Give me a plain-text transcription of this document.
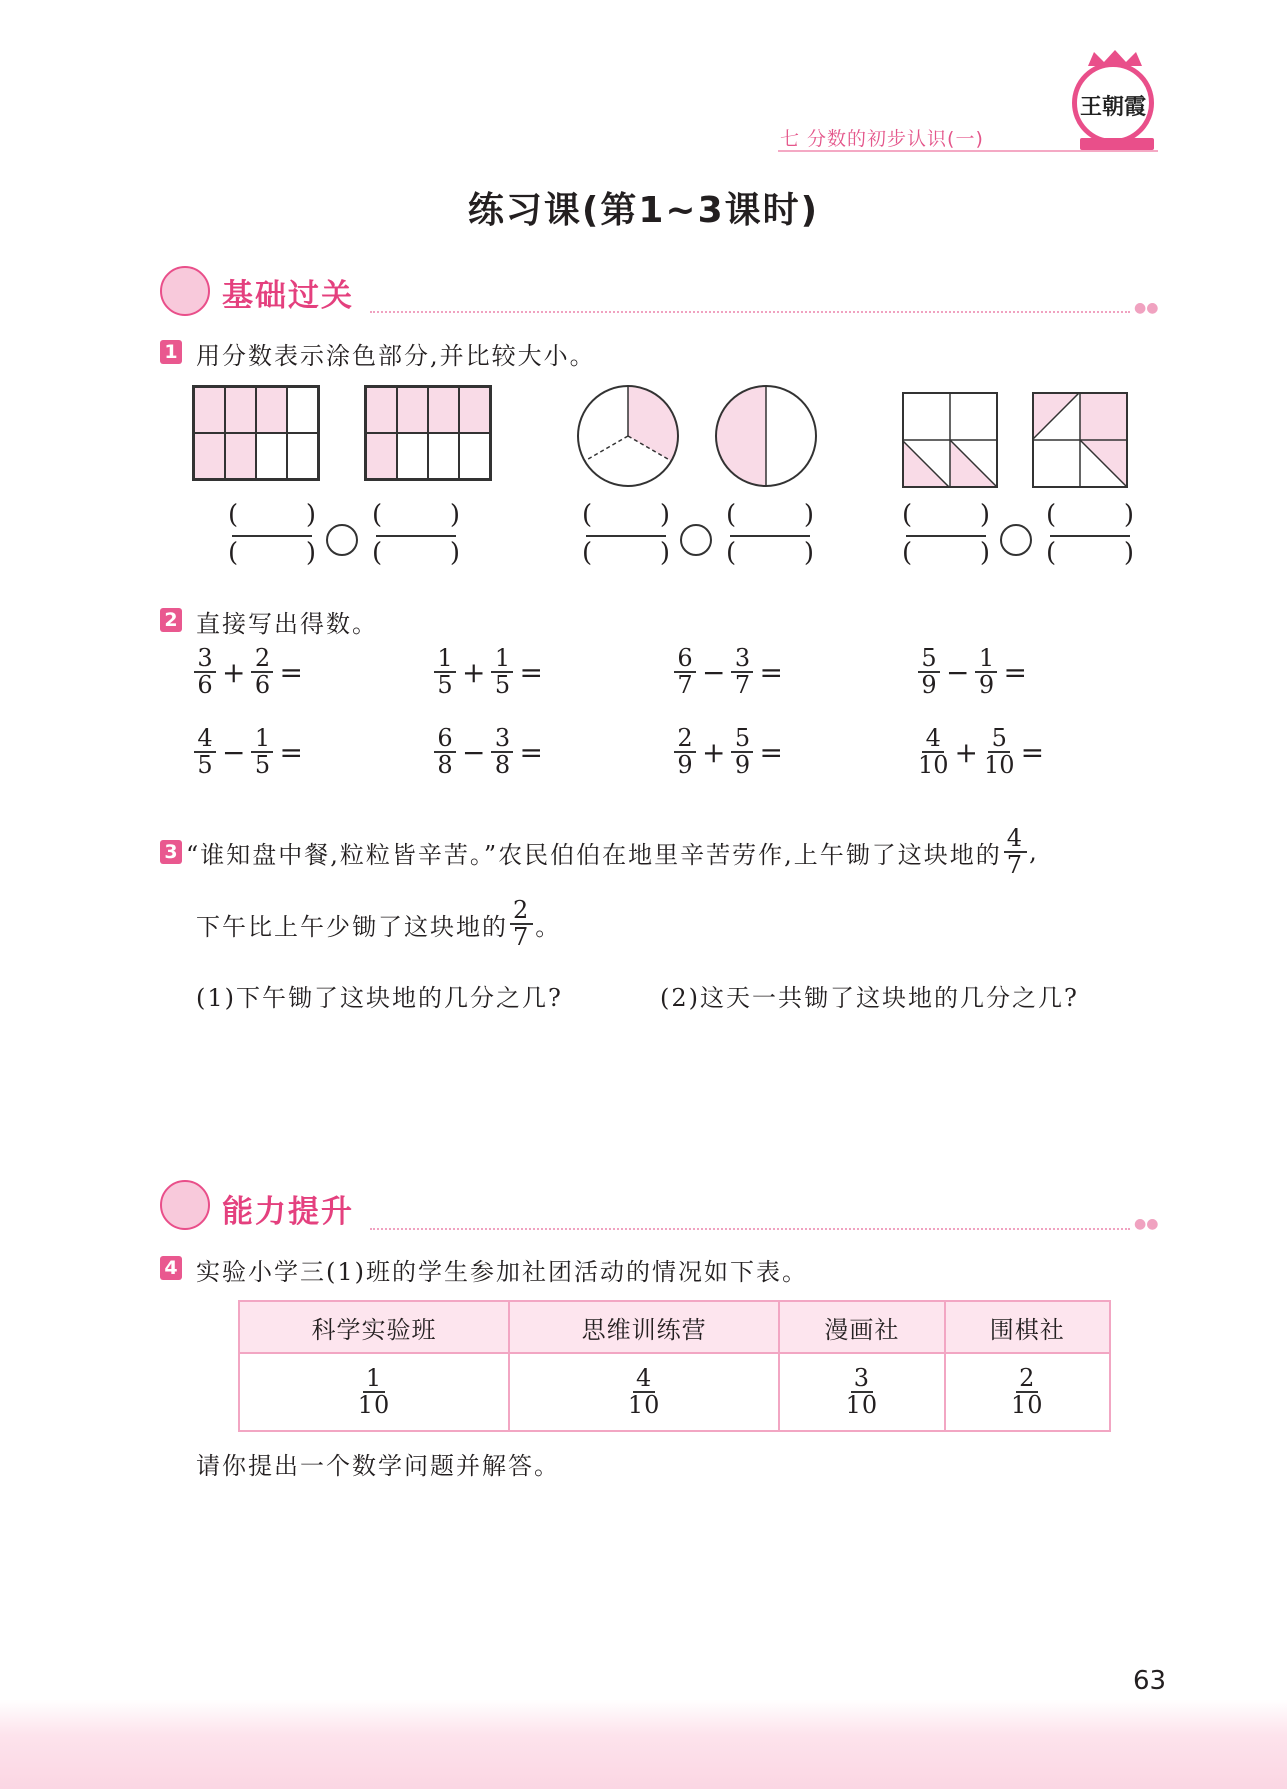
七 分数的初步认识(一)
王朝霞
练习课(第1~3课时)
基础过关	●●
1 用分数表示涂色部分,并比较大小。
(	)
(	)
(	)
(	)
(	)
(	)
(	)
(	)
(	)
(	)
(	)
(	)
2 直接写出得数。
$\frac{3}{6} + \frac{2}{6}$ =	$\frac{1}{5} + \frac{1}{5}$ =	$\frac{6}{7} - \frac{3}{7}$ =	$\frac{5}{9} - \frac{1}{9}$ =
$\frac{4}{5} - \frac{1}{5}$ =	$\frac{6}{8} - \frac{3}{8}$ =	$\frac{2}{9} + \frac{5}{9}$ =	$\frac{4}{10} + \frac{5}{10}$ =
3 “谁知盘中餐,粒粒皆辛苦。”农民伯伯在地里辛苦劳作,上午锄了这块地的 $\frac{4}{7}$ ,
下午比上午少锄了这块地的 $\frac{2}{7}$ 。
(1)下午锄了这块地的几分之几?	(2)这天一共锄了这块地的几分之几?
能力提升	●●
4 实验小学三(1)班的学生参加社团活动的情况如下表。
科学实验班	思维训练营	漫画社	围棋社

$\frac{1}{10}$	$\frac{4}{10}$	$\frac{3}{10}$	$\frac{2}{10}$
请你提出一个数学问题并解答。
63
